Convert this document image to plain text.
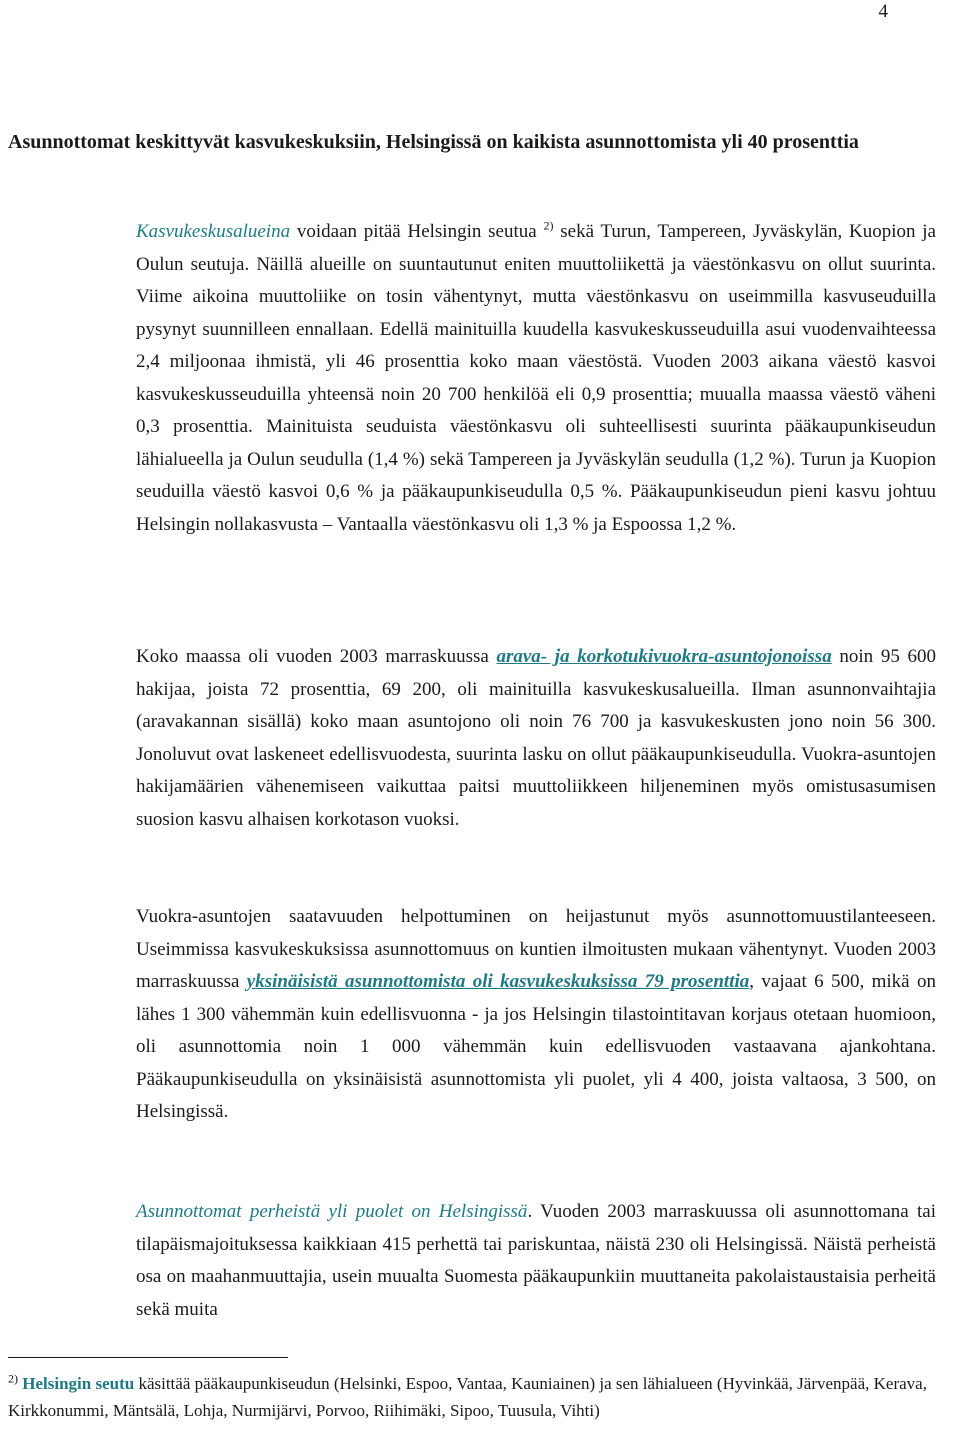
4
Asunnottomat keskittyvät kasvukeskuksiin, Helsingissä on kaikista asunnottomista yli 40 prosenttia
Kasvukeskusalueina voidaan pitää Helsingin seutua $^{2)}$ sekä Turun, Tampereen, Jyväskylän, Kuopion ja Oulun seutuja. Näillä alueille on suuntautunut eniten muuttoliikettä ja väestönkasvu on ollut suurinta. Viime aikoina muuttoliike on tosin vähentynyt, mutta väestönkasvu on useimmilla kasvuseuduilla pysynyt suunnilleen ennallaan. Edellä mainituilla kuudella kasvukeskusseuduilla asui vuodenvaihteessa 2,4 miljoonaa ihmistä, yli 46 prosenttia koko maan väestöstä. Vuoden 2003 aikana väestö kasvoi kasvukeskusseuduilla yhteensä noin 20 700 henkilöä eli 0,9 prosenttia; muualla maassa väestö väheni 0,3 prosenttia. Mainituista seuduista väestönkasvu oli suhteellisesti suurinta pääkaupunkiseudun lähialueella ja Oulun seudulla (1,4 %) sekä Tampereen ja Jyväskylän seudulla (1,2 %). Turun ja Kuopion seuduilla väestö kasvoi 0,6 % ja pääkaupunkiseudulla 0,5 %. Pääkaupunkiseudun pieni kasvu johtuu Helsingin nollakasvusta – Vantaalla väestönkasvu oli 1,3 % ja Espoossa 1,2 %.
Koko maassa oli vuoden 2003 marraskuussa arava- ja korkotukivuokra-asuntojonoissa noin 95 600 hakijaa, joista 72 prosenttia, 69 200, oli mainituilla kasvukeskusalueilla. Ilman asunnonvaihtajia (aravakannan sisällä) koko maan asuntojono oli noin 76 700 ja kasvukeskusten jono noin 56 300. Jonoluvut ovat laskeneet edellisvuodesta, suurinta lasku on ollut pääkaupunkiseudulla. Vuokra-asuntojen hakijamäärien vähenemiseen vaikuttaa paitsi muuttoliikkeen hiljeneminen myös omistusasumisen suosion kasvu alhaisen korkotason vuoksi.
Vuokra-asuntojen saatavuuden helpottuminen on heijastunut myös asunnottomuustilanteeseen. Useimmissa kasvukeskuksissa asunnottomuus on kuntien ilmoitusten mukaan vähentynyt. Vuoden 2003 marraskuussa yksinäisistä asunnottomista oli kasvukeskuksissa 79 prosenttia, vajaat 6 500, mikä on lähes 1 300 vähemmän kuin edellisvuonna - ja jos Helsingin tilastointitavan korjaus otetaan huomioon, oli asunnottomia noin 1 000 vähemmän kuin edellisvuoden vastaavana ajankohtana. Pääkaupunkiseudulla on yksinäisistä asunnottomista yli puolet, yli 4 400, joista valtaosa, 3 500, on Helsingissä.
Asunnottomat perheistä yli puolet on Helsingissä. Vuoden 2003 marraskuussa oli asunnottomana tai tilapäismajoituksessa kaikkiaan 415 perhettä tai pariskuntaa, näistä 230 oli Helsingissä. Näistä perheistä osa on maahanmuuttajia, usein muualta Suomesta pääkaupunkiin muuttaneita pakolaistaustaisia perheitä sekä muita
$^{2)}$ Helsingin seutu käsittää pääkaupunkiseudun (Helsinki, Espoo, Vantaa, Kauniainen) ja sen lähialueen (Hyvinkää, Järvenpää, Kerava, Kirkkonummi, Mäntsälä, Lohja, Nurmijärvi, Porvoo, Riihimäki, Sipoo, Tuusula, Vihti)
